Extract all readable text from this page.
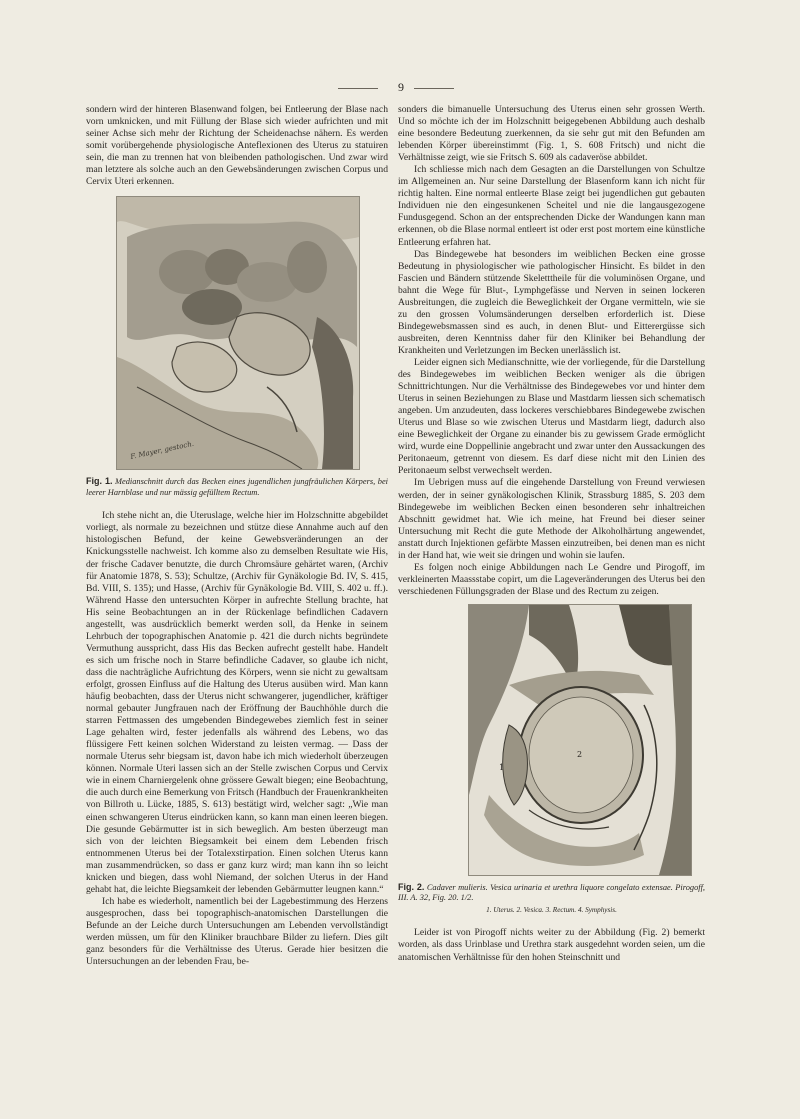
9

sondern wird der hinteren Blasenwand folgen, bei Entleerung der Blase nach vorn umknicken, und mit Füllung der Blase sich wieder aufrichten und mit seiner Achse sich mehr der Richtung der Scheidenachse nähern. Es werden somit vorübergehende physiologische Anteflexionen des Uterus zu statuiren sein, die man zu trennen hat von bleibenden pathologischen. Und zwar wird man letztere als solche auch an den Gewebsänderungen zwischen Corpus und Cervix Uteri erkennen.

F. Mayer, gestoch.
Fig. 1. Medianschnitt durch das Becken eines jugendlichen jungfräulichen Körpers, bei leerer Harnblase und nur mässig gefülltem Rectum.

Ich stehe nicht an, die Uteruslage, welche hier im Holzschnitte abgebildet vorliegt, als normale zu bezeichnen und stütze diese Annahme auch auf den histologischen Befund, der keine Gewebsveränderungen an der Knickungsstelle nachweist. Ich komme also zu demselben Resultate wie His, der frische Cadaver benutzte, die durch Chromsäure gehärtet waren, (Archiv für Anatomie 1878, S. 53); Schultze, (Archiv für Gynäkologie Bd. IV, S. 415, Bd. VIII, S. 135); und Hasse, (Archiv für Gynäkologie Bd. VIII, S. 402 u. ff.). Während Hasse den untersuchten Körper in aufrechte Stellung brachte, hat His seine Beobachtungen an in der Rückenlage befindlichen Cadavern angestellt, was ausdrücklich bemerkt werden soll, da Henke in seinem Lehrbuch der topographischen Anatomie p. 421 die durch nichts begründete Vermuthung ausspricht, dass His das Becken aufrecht gestellt habe. Handelt es sich um frische noch in Starre befindliche Cadaver, so glaube ich nicht, dass die nachträgliche Aufrichtung des Körpers, wenn sie nicht zu gewaltsam erfolgt, grossen Einfluss auf die Haltung des Uterus ausüben wird. Man kann häufig beobachten, dass der Uterus nicht schwangerer, jugendlicher, kräftiger normal gebauter Jungfrauen nach der Eröffnung der Bauchhöhle durch die starren Fettmassen des umgebenden Bindegewebes ziemlich fest in seiner Lage gehalten wird, fester jedenfalls als während des Lebens, wo das flüssigere Fett keinen solchen Widerstand zu leisten vermag. — Dass der normale Uterus sehr biegsam ist, davon habe ich mich wiederholt überzeugen können. Normale Uteri lassen sich an der Stelle zwischen Corpus und Cervix wie in einem Charniergelenk ohne grössere Gewalt biegen; eine Beobachtung, die auch durch eine Bemerkung von Fritsch (Handbuch der Frauenkrankheiten von Billroth u. Lücke, 1885, S. 613) bestätigt wird, welcher sagt: „Wie man einen schwangeren Uterus eindrücken kann, so kann man einen leeren biegen. Die gesunde Gebärmutter ist in sich beweglich. Am besten überzeugt man sich von der leichten Biegsamkeit bei einem dem Lebenden frisch entnommenen Uterus bei der Totalexstirpation. Einen solchen Uterus kann man zusammendrücken, so dass er ganz kurz wird; man kann ihn so leicht knicken und biegen, dass wohl Niemand, der solchen Uterus in der Hand gehabt hat, die leichte Biegsamkeit der lebenden Gebärmutter leugnen kann.“

Ich habe es wiederholt, namentlich bei der Lagebestimmung des Herzens ausgesprochen, dass bei topographisch-anatomischen Darstellungen die Befunde an der Leiche durch Untersuchungen am Lebenden vervollständigt werden müssen, um für den Kliniker brauchbare Bilder zu liefern. Dies gilt ganz besonders für die Verhältnisse des Uterus. Gerade hier besitzen die Untersuchungen an der lebenden Frau, be-

sonders die bimanuelle Untersuchung des Uterus einen sehr grossen Werth. Und so möchte ich der im Holzschnitt beigegebenen Abbildung auch deshalb eine besondere Bedeutung zuerkennen, da sie sehr gut mit den Befunden am lebenden Körper übereinstimmt (Fig. 1, S. 608 Fritsch) und nicht die Verhältnisse zeigt, wie sie Fritsch S. 609 als cadaveröse abbildet.

Ich schliesse mich nach dem Gesagten an die Darstellungen von Schultze im Allgemeinen an. Nur seine Darstellung der Blasenform kann ich nicht für richtig halten. Eine normal entleerte Blase zeigt bei jugendlichen gut gebauten Individuen nie den eingesunkenen Scheitel und nie die langausgezogene Fundusgegend. Schon an der entsprechenden Dicke der Wandungen kann man erkennen, ob die Blase normal entleert ist oder erst post mortem eine künstliche Entleerung erfahren hat.

Das Bindegewebe hat besonders im weiblichen Becken eine grosse Bedeutung in physiologischer wie pathologischer Hinsicht. Es bildet in den Fascien und Bändern stützende Skeletttheile für die voluminösen Organe, und bahnt die Wege für Blut-, Lymphgefässe und Nerven in seinen lockeren Ausbreitungen, die zugleich die Beweglichkeit der Organe vermitteln, wie sie zu den grossen Volumsänderungen derselben erforderlich ist. Diese Bindegewebsmassen sind es auch, in denen Blut- und Eitterergüsse sich ausbreiten, deren Kenntniss daher für den Kliniker bei Behandlung der Krankheiten und Verletzungen im Becken unerlässlich ist.

Leider eignen sich Medianschnitte, wie der vorliegende, für die Darstellung des Bindegewebes im weiblichen Becken weniger als die übrigen Schnittrichtungen. Nur die Verhältnisse des Bindegewebes vor und hinter dem Uterus in seinen Beziehungen zu Blase und Mastdarm liessen sich schematisch angeben. Um anzudeuten, dass lockeres verschiebbares Bindegewebe zwischen Uterus und Blase so wie zwischen Uterus und Mastdarm liegt, dadurch also eine Beweglichkeit der Organe zu einander bis zu gewissem Grade ermöglicht wird, wurde eine Doppellinie angebracht und zwar unter den Aussackungen des Peritonaeum, getrennt von diesem. Es darf diese nicht mit den Linien des Peritonaeum selbst verwechselt werden.

Im Uebrigen muss auf die eingehende Darstellung von Freund verwiesen werden, der in seiner gynäkologischen Klinik, Strassburg 1885, S. 203 dem Bindegewebe im weiblichen Becken einen besonderen sehr inhaltreichen Abschnitt gewidmet hat. Wie ich meine, hat Freund bei dieser seiner Untersuchung mit Recht die gute Methode der Alkoholhärtung angewendet, anstatt durch Injektionen gefärbte Massen einzutreiben, bei denen man es nicht in der Hand hat, wie weit sie dringen und wohin sie laufen.

Es folgen noch einige Abbildungen nach Le Gendre und Pirogoff, im verkleinerten Maassstabe copirt, um die Lageveränderungen des Uterus bei den verschiedenen Füllungsgraden der Blase und des Rectum zu zeigen.

1
2
Fig. 2. Cadaver mulieris. Vesica urinaria et urethra liquore congelato extensae. Pirogoff, III. A. 32, Fig. 20. 1/2.
1. Uterus. 2. Vesica. 3. Rectum. 4. Symphysis.

Leider ist von Pirogoff nichts weiter zu der Abbildung (Fig. 2) bemerkt worden, als dass Urinblase und Urethra stark ausgedehnt worden seien, um die anatomischen Verhältnisse für den hohen Steinschnitt und
